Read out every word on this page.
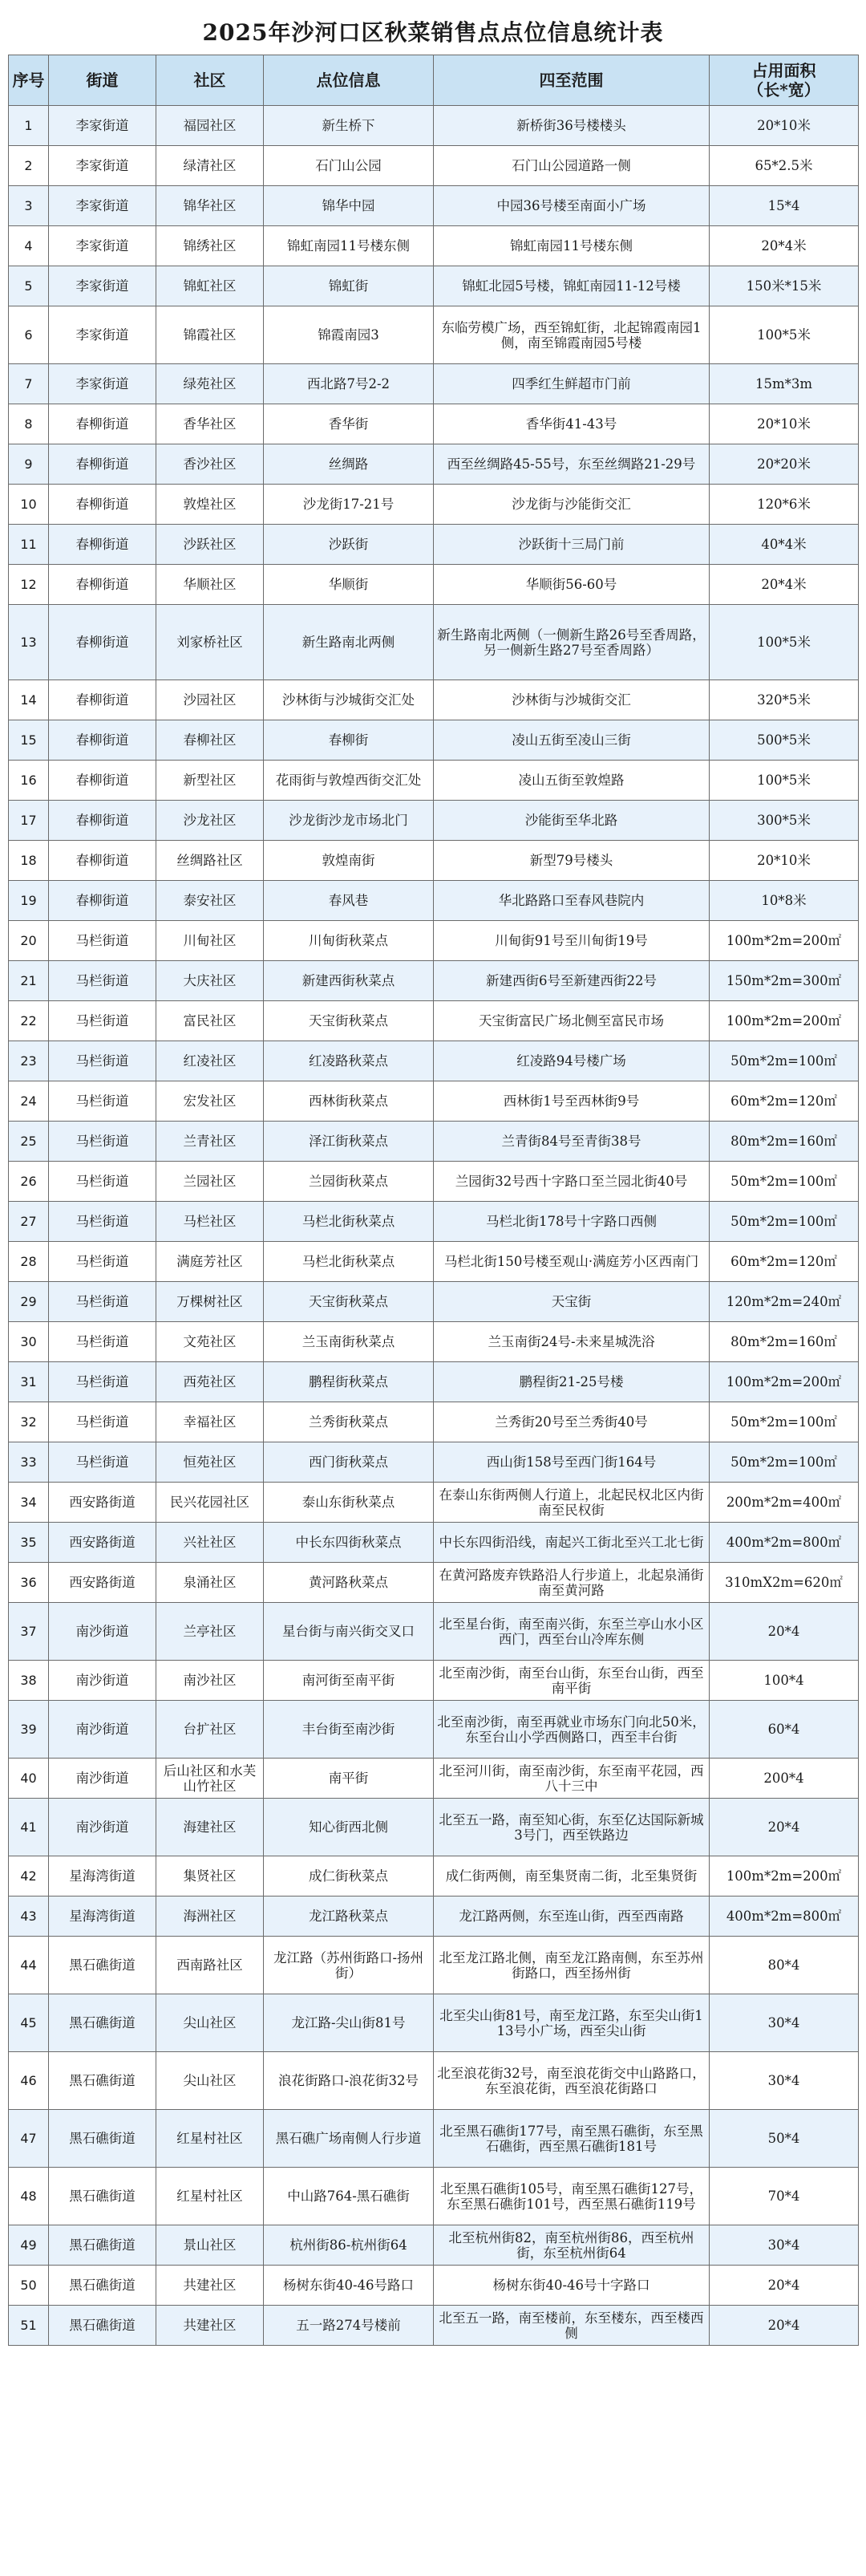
2025年沙河口区秋菜销售点点位信息统计表
序号	街道	社区	点位信息	四至范围	占用面积
（长*宽）
1	李家街道	福园社区	新生桥下	新桥街36号楼楼头	20*10米
2	李家街道	绿清社区	石门山公园	石门山公园道路一侧	65*2.5米
3	李家街道	锦华社区	锦华中园	中园36号楼至南面小广场	15*4
4	李家街道	锦绣社区	锦虹南园11号楼东侧	锦虹南园11号楼东侧	20*4米
5	李家街道	锦虹社区	锦虹街	锦虹北园5号楼，锦虹南园11-12号楼	150米*15米
6	李家街道	锦霞社区	锦霞南园3	东临劳模广场，西至锦虹街，北起锦霞南园1侧，南至锦霞南园5号楼	100*5米
7	李家街道	绿苑社区	西北路7号2-2	四季红生鲜超市门前	15m*3m
8	春柳街道	香华社区	香华街	香华街41-43号	20*10米
9	春柳街道	香沙社区	丝绸路	西至丝绸路45-55号，东至丝绸路21-29号	20*20米
10	春柳街道	敦煌社区	沙龙街17-21号	沙龙街与沙能街交汇	120*6米
11	春柳街道	沙跃社区	沙跃街	沙跃街十三局门前	40*4米
12	春柳街道	华顺社区	华顺街	华顺街56-60号	20*4米
13	春柳街道	刘家桥社区	新生路南北两侧	新生路南北两侧（一侧新生路26号至香周路，另一侧新生路27号至香周路）	100*5米
14	春柳街道	沙园社区	沙林街与沙城街交汇处	沙林街与沙城街交汇	320*5米
15	春柳街道	春柳社区	春柳街	凌山五街至凌山三街	500*5米
16	春柳街道	新型社区	花雨街与敦煌西街交汇处	凌山五街至敦煌路	100*5米
17	春柳街道	沙龙社区	沙龙街沙龙市场北门	沙能街至华北路	300*5米
18	春柳街道	丝绸路社区	敦煌南街	新型79号楼头	20*10米
19	春柳街道	泰安社区	春风巷	华北路路口至春风巷院内	10*8米
20	马栏街道	川甸社区	川甸街秋菜点	川甸街91号至川甸街19号	100m*2m=200㎡
21	马栏街道	大庆社区	新建西街秋菜点	新建西街6号至新建西街22号	150m*2m=300㎡
22	马栏街道	富民社区	天宝街秋菜点	天宝街富民广场北侧至富民市场	100m*2m=200㎡
23	马栏街道	红凌社区	红凌路秋菜点	红凌路94号楼广场	50m*2m=100㎡
24	马栏街道	宏发社区	西林街秋菜点	西林街1号至西林街9号	60m*2m=120㎡
25	马栏街道	兰青社区	泽江街秋菜点	兰青街84号至青街38号	80m*2m=160㎡
26	马栏街道	兰园社区	兰园街秋菜点	兰园街32号西十字路口至兰园北街40号	50m*2m=100㎡
27	马栏街道	马栏社区	马栏北街秋菜点	马栏北街178号十字路口西侧	50m*2m=100㎡
28	马栏街道	满庭芳社区	马栏北街秋菜点	马栏北街150号楼至观山·满庭芳小区西南门	60m*2m=120㎡
29	马栏街道	万棵树社区	天宝街秋菜点	天宝街	120m*2m=240㎡
30	马栏街道	文苑社区	兰玉南街秋菜点	兰玉南街24号-未来星城洗浴	80m*2m=160㎡
31	马栏街道	西苑社区	鹏程街秋菜点	鹏程街21-25号楼	100m*2m=200㎡
32	马栏街道	幸福社区	兰秀街秋菜点	兰秀街20号至兰秀街40号	50m*2m=100㎡
33	马栏街道	恒苑社区	西门街秋菜点	西山街158号至西门街164号	50m*2m=100㎡
34	西安路街道	民兴花园社区	泰山东街秋菜点	在泰山东街两侧人行道上，北起民权北区内街南至民权街	200m*2m=400㎡
35	西安路街道	兴社社区	中长东四街秋菜点	中长东四街沿线，南起兴工街北至兴工北七街	400m*2m=800㎡
36	西安路街道	泉涌社区	黄河路秋菜点	在黄河路废弃铁路沿人行步道上，北起泉涌街南至黄河路	310mX2m=620㎡
37	南沙街道	兰亭社区	星台街与南兴街交叉口	北至星台街，南至南兴街，东至兰亭山水小区西门，西至台山冷库东侧	20*4
38	南沙街道	南沙社区	南河街至南平街	北至南沙街，南至台山街，东至台山街，西至南平街	100*4
39	南沙街道	台扩社区	丰台街至南沙街	北至南沙街，南至再就业市场东门向北50米，东至台山小学西侧路口，西至丰台街	60*4
40	南沙街道	后山社区和水芙山竹社区	南平街	北至河川街，南至南沙街，东至南平花园，西八十三中	200*4
41	南沙街道	海建社区	知心街西北侧	北至五一路，南至知心街，东至亿达国际新城3号门，西至铁路边	20*4
42	星海湾街道	集贤社区	成仁街秋菜点	成仁街两侧，南至集贤南二街，北至集贤街	100m*2m=200㎡
43	星海湾街道	海洲社区	龙江路秋菜点	龙江路两侧，东至连山街，西至西南路	400m*2m=800㎡
44	黑石礁街道	西南路社区	龙江路（苏州街路口-扬州街）	北至龙江路北侧，南至龙江路南侧，东至苏州街路口，西至扬州街	80*4
45	黑石礁街道	尖山社区	龙江路-尖山街81号	北至尖山街81号，南至龙江路，东至尖山街113号小广场，西至尖山街	30*4
46	黑石礁街道	尖山社区	浪花街路口-浪花街32号	北至浪花街32号，南至浪花街交中山路路口，东至浪花街，西至浪花街路口	30*4
47	黑石礁街道	红星村社区	黑石礁广场南侧人行步道	北至黑石礁街177号，南至黑石礁街，东至黑石礁街，西至黑石礁街181号	50*4
48	黑石礁街道	红星村社区	中山路764-黑石礁街	北至黑石礁街105号，南至黑石礁街127号，东至黑石礁街101号，西至黑石礁街119号	70*4
49	黑石礁街道	景山社区	杭州街86-杭州街64	北至杭州街82，南至杭州街86，西至杭州街，东至杭州街64	30*4
50	黑石礁街道	共建社区	杨树东街40-46号路口	杨树东街40-46号十字路口	20*4
51	黑石礁街道	共建社区	五一路274号楼前	北至五一路，南至楼前，东至楼东，西至楼西侧	20*4
